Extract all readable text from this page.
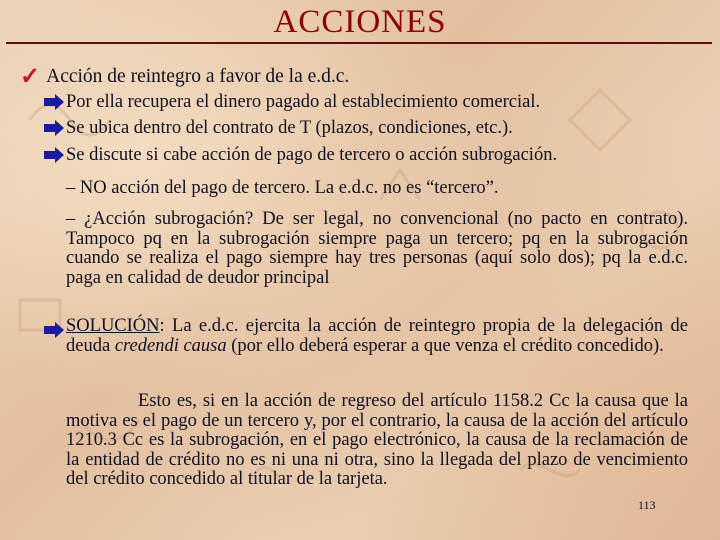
ACCIONES
✓ Acción de reintegro a favor de la e.d.c.
Por ella recupera el dinero pagado al establecimiento comercial.
Se ubica dentro del contrato de T (plazos, condiciones, etc.).
Se discute si cabe acción de pago de tercero o acción subrogación.
– NO acción del pago de tercero. La e.d.c. no es “tercero”.
– ¿Acción subrogación? De ser legal, no convencional (no pacto en contrato). Tampoco pq en la subrogación siempre paga un tercero; pq en la subrogación cuando se realiza el pago siempre hay tres personas (aquí solo dos); pq la e.d.c. paga en calidad de deudor principal
SOLUCIÓN: La e.d.c. ejercita la acción de reintegro propia de la delegación de deuda credendi causa (por ello deberá esperar a que venza el crédito concedido).
Esto es, si en la acción de regreso del artículo 1158.2 Cc la causa que la motiva es el pago de un tercero y, por el contrario, la causa de la acción del artículo 1210.3 Cc es la subrogación, en el pago electrónico, la causa de la reclamación de la entidad de crédito no es ni una ni otra, sino la llegada del plazo de vencimiento del crédito concedido al titular de la tarjeta.
113
